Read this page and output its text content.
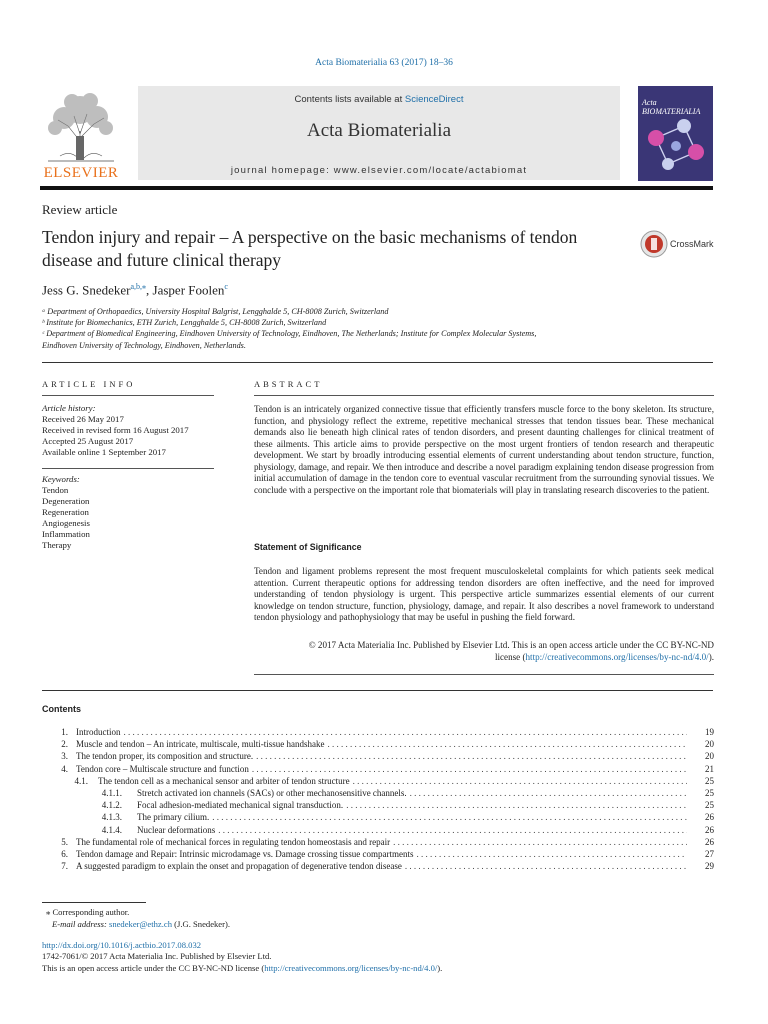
Acta Biomaterialia 63 (2017) 18–36
ELSEVIER
Contents lists available at ScienceDirect
Acta Biomaterialia
journal homepage: www.elsevier.com/locate/actabiomat
Acta BIOMATERIALIA
Review article
Tendon injury and repair – A perspective on the basic mechanisms of tendon disease and future clinical therapy
CrossMark
Jess G. Snedeker$^{a,b,⁎}$, Jasper Foolen$^c$
ᵃ Department of Orthopaedics, University Hospital Balgrist, Lengghalde 5, CH-8008 Zurich, Switzerland
ᵇ Institute for Biomechanics, ETH Zurich, Lengghalde 5, CH-8008 Zurich, Switzerland
ᶜ Department of Biomedical Engineering, Eindhoven University of Technology, Eindhoven, The Netherlands; Institute for Complex Molecular Systems,
Eindhoven University of Technology, Eindhoven, Netherlands.
ARTICLE INFO
Article history:
Received 26 May 2017
Received in revised form 16 August 2017
Accepted 25 August 2017
Available online 1 September 2017
Keywords:
Tendon
Degeneration
Regeneration
Angiogenesis
Inflammation
Therapy
ABSTRACT
Tendon is an intricately organized connective tissue that efficiently transfers muscle force to the bony skeleton. Its structure, function, and physiology reflect the extreme, repetitive mechanical stresses that tendon tissues bear. These mechanical demands also lie beneath high clinical rates of tendon disorders, and present daunting challenges for clinical treatment of these ailments. This article aims to provide perspective on the most urgent frontiers of tendon research and therapeutic development. We start by broadly introducing essential elements of current understanding about tendon structure, function, physiology, damage, and repair. We then introduce and describe a novel paradigm explaining tendon disease progression from initial accumulation of damage in the tendon core to eventual vascular recruitment from the surrounding synovial tissues. We conclude with a perspective on the important role that biomaterials will play in translating research discoveries to the patient.
Statement of Significance
Tendon and ligament problems represent the most frequent musculoskeletal complaints for which patients seek medical attention. Current therapeutic options for addressing tendon disorders are often ineffective, and the need for improved understanding of tendon physiology is urgent. This perspective article summarizes essential elements of our current knowledge on tendon structure, function, physiology, damage, and repair. It also describes a novel framework to understand tendon physiology and pathophysiology that may be useful in pushing the field forward.
© 2017 Acta Materialia Inc. Published by Elsevier Ltd. This is an open access article under the CC BY-NC-ND
license (http://creativecommons.org/licenses/by-nc-nd/4.0/).
Contents
1. Introduction . . .	19
2. Muscle and tendon – An intricate, multiscale, multi-tissue handshake . . .	20
3. The tendon proper, its composition and structure. . . .	20
4. Tendon core – Multiscale structure and function . . .	21
4.1. The tendon cell as a mechanical sensor and arbiter of tendon structure . . .	25
4.1.1. Stretch activated ion channels (SACs) or other mechanosensitive channels. . . .	25
4.1.2. Focal adhesion-mediated mechanical signal transduction. . . .	25
4.1.3. The primary cilium. . . .	26
4.1.4. Nuclear deformations . . .	26
5. The fundamental role of mechanical forces in regulating tendon homeostasis and repair . . .	26
6. Tendon damage and Repair: Intrinsic microdamage vs. Damage crossing tissue compartments . . .	27
7. A suggested paradigm to explain the onset and propagation of degenerative tendon disease . . .	29
⁎ Corresponding author.
E-mail address: snedeker@ethz.ch (J.G. Snedeker).
http://dx.doi.org/10.1016/j.actbio.2017.08.032
1742-7061/© 2017 Acta Materialia Inc. Published by Elsevier Ltd.
This is an open access article under the CC BY-NC-ND license (http://creativecommons.org/licenses/by-nc-nd/4.0/).
